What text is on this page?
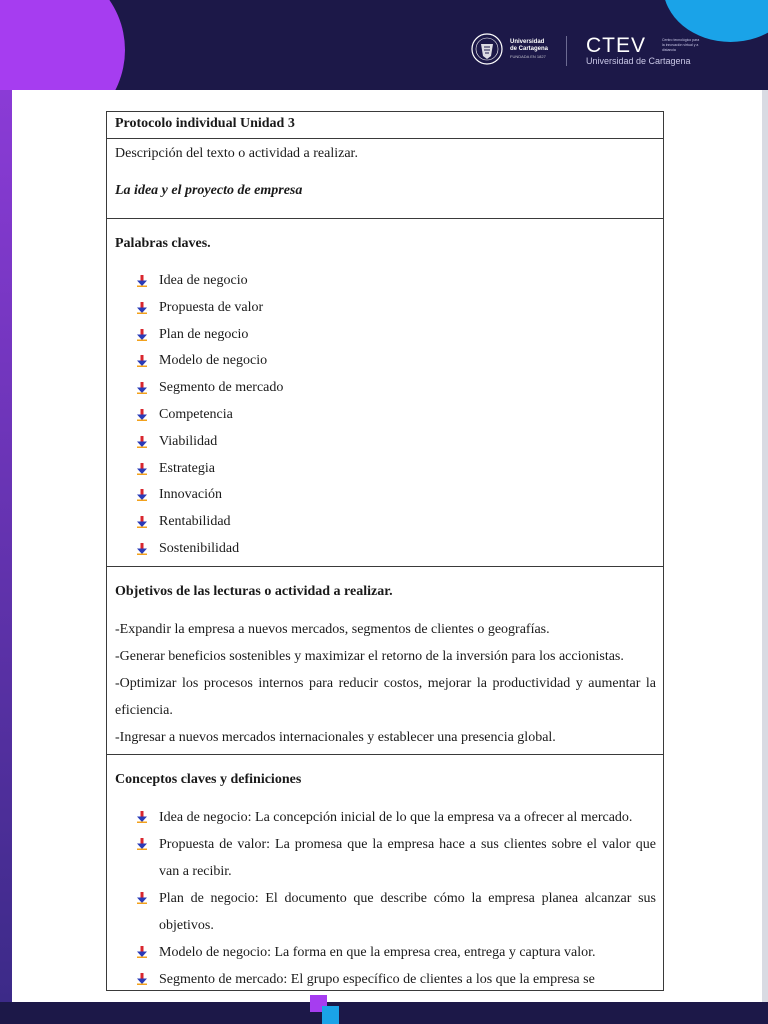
Universidad
de Cartagena
FUNDADA EN 1827 CTEV
Universidad de Cartagena
Centro tecnológico para la innovación virtual y a distancia
Protocolo individual Unidad 3

Descripción del texto o actividad a realizar.

La idea y el proyecto de empresa

Palabras claves.

Idea de negocio
Propuesta de valor
Plan de negocio
Modelo de negocio
Segmento de mercado
Competencia
Viabilidad
Estrategia
Innovación
Rentabilidad
Sostenibilidad

Objetivos de las lecturas o actividad a realizar.

-Expandir la empresa a nuevos mercados, segmentos de clientes o geografías.

-Generar beneficios sostenibles y maximizar el retorno de la inversión para los accionistas.

-Optimizar los procesos internos para reducir costos, mejorar la productividad y aumentar la eficiencia.

-Ingresar a nuevos mercados internacionales y establecer una presencia global.

Conceptos claves y definiciones

Idea de negocio: La concepción inicial de lo que la empresa va a ofrecer al mercado.
Propuesta de valor: La promesa que la empresa hace a sus clientes sobre el valor que van a recibir.
Plan de negocio: El documento que describe cómo la empresa planea alcanzar sus objetivos.
Modelo de negocio: La forma en que la empresa crea, entrega y captura valor.
Segmento de mercado: El grupo específico de clientes a los que la empresa se
